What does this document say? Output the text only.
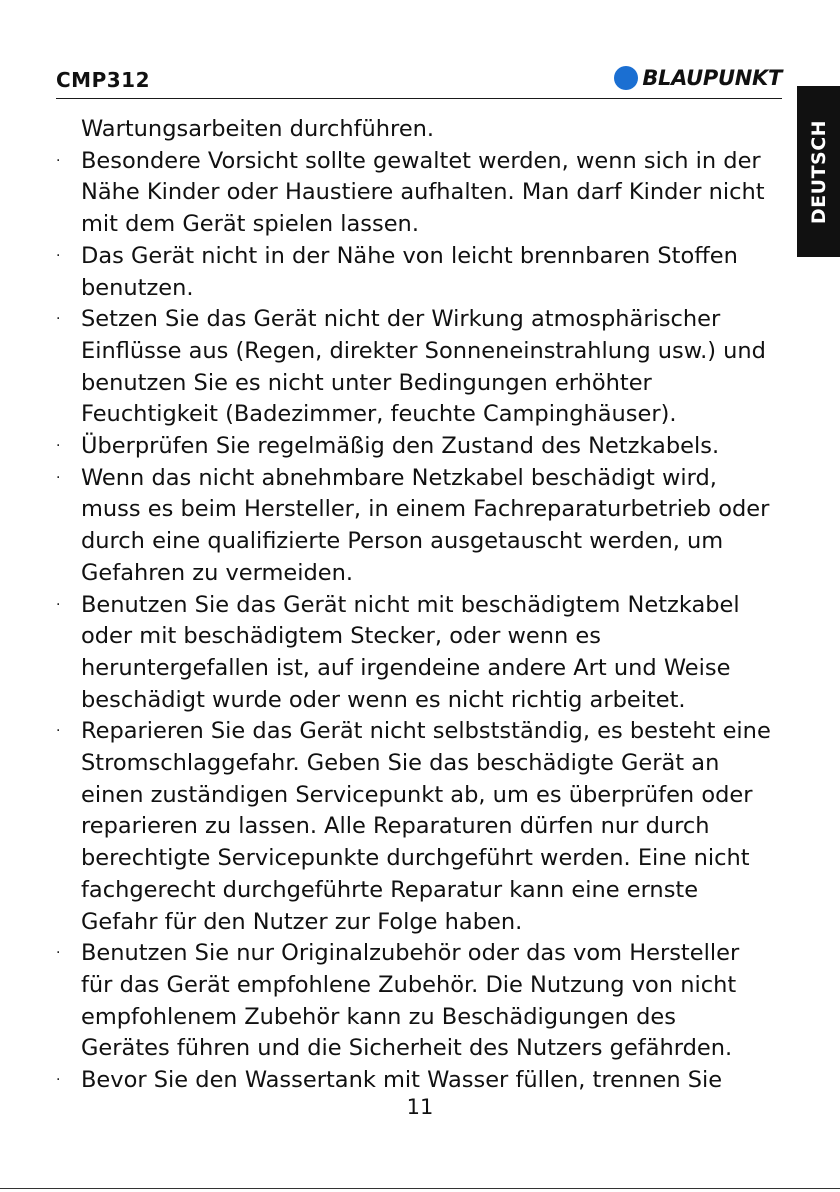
CMP312	BLAUPUNKT
DEUTSCH
Wartungsarbeiten durchführen.
· Besondere Vorsicht sollte gewaltet werden, wenn sich in der
Nähe Kinder oder Haustiere aufhalten. Man darf Kinder nicht
mit dem Gerät spielen lassen.
· Das Gerät nicht in der Nähe von leicht brennbaren Stoffen
benutzen.
· Setzen Sie das Gerät nicht der Wirkung atmosphärischer
Einflüsse aus (Regen, direkter Sonneneinstrahlung usw.) und
benutzen Sie es nicht unter Bedingungen erhöhter
Feuchtigkeit (Badezimmer, feuchte Campinghäuser).
· Überprüfen Sie regelmäßig den Zustand des Netzkabels.
· Wenn das nicht abnehmbare Netzkabel beschädigt wird,
muss es beim Hersteller, in einem Fachreparaturbetrieb oder
durch eine qualifizierte Person ausgetauscht werden, um
Gefahren zu vermeiden.
· Benutzen Sie das Gerät nicht mit beschädigtem Netzkabel
oder mit beschädigtem Stecker, oder wenn es
heruntergefallen ist, auf irgendeine andere Art und Weise
beschädigt wurde oder wenn es nicht richtig arbeitet.
· Reparieren Sie das Gerät nicht selbstständig, es besteht eine
Stromschlaggefahr. Geben Sie das beschädigte Gerät an
einen zuständigen Servicepunkt ab, um es überprüfen oder
reparieren zu lassen. Alle Reparaturen dürfen nur durch
berechtigte Servicepunkte durchgeführt werden. Eine nicht
fachgerecht durchgeführte Reparatur kann eine ernste
Gefahr für den Nutzer zur Folge haben.
· Benutzen Sie nur Originalzubehör oder das vom Hersteller
für das Gerät empfohlene Zubehör. Die Nutzung von nicht
empfohlenem Zubehör kann zu Beschädigungen des
Gerätes führen und die Sicherheit des Nutzers gefährden.
· Bevor Sie den Wassertank mit Wasser füllen, trennen Sie
11
